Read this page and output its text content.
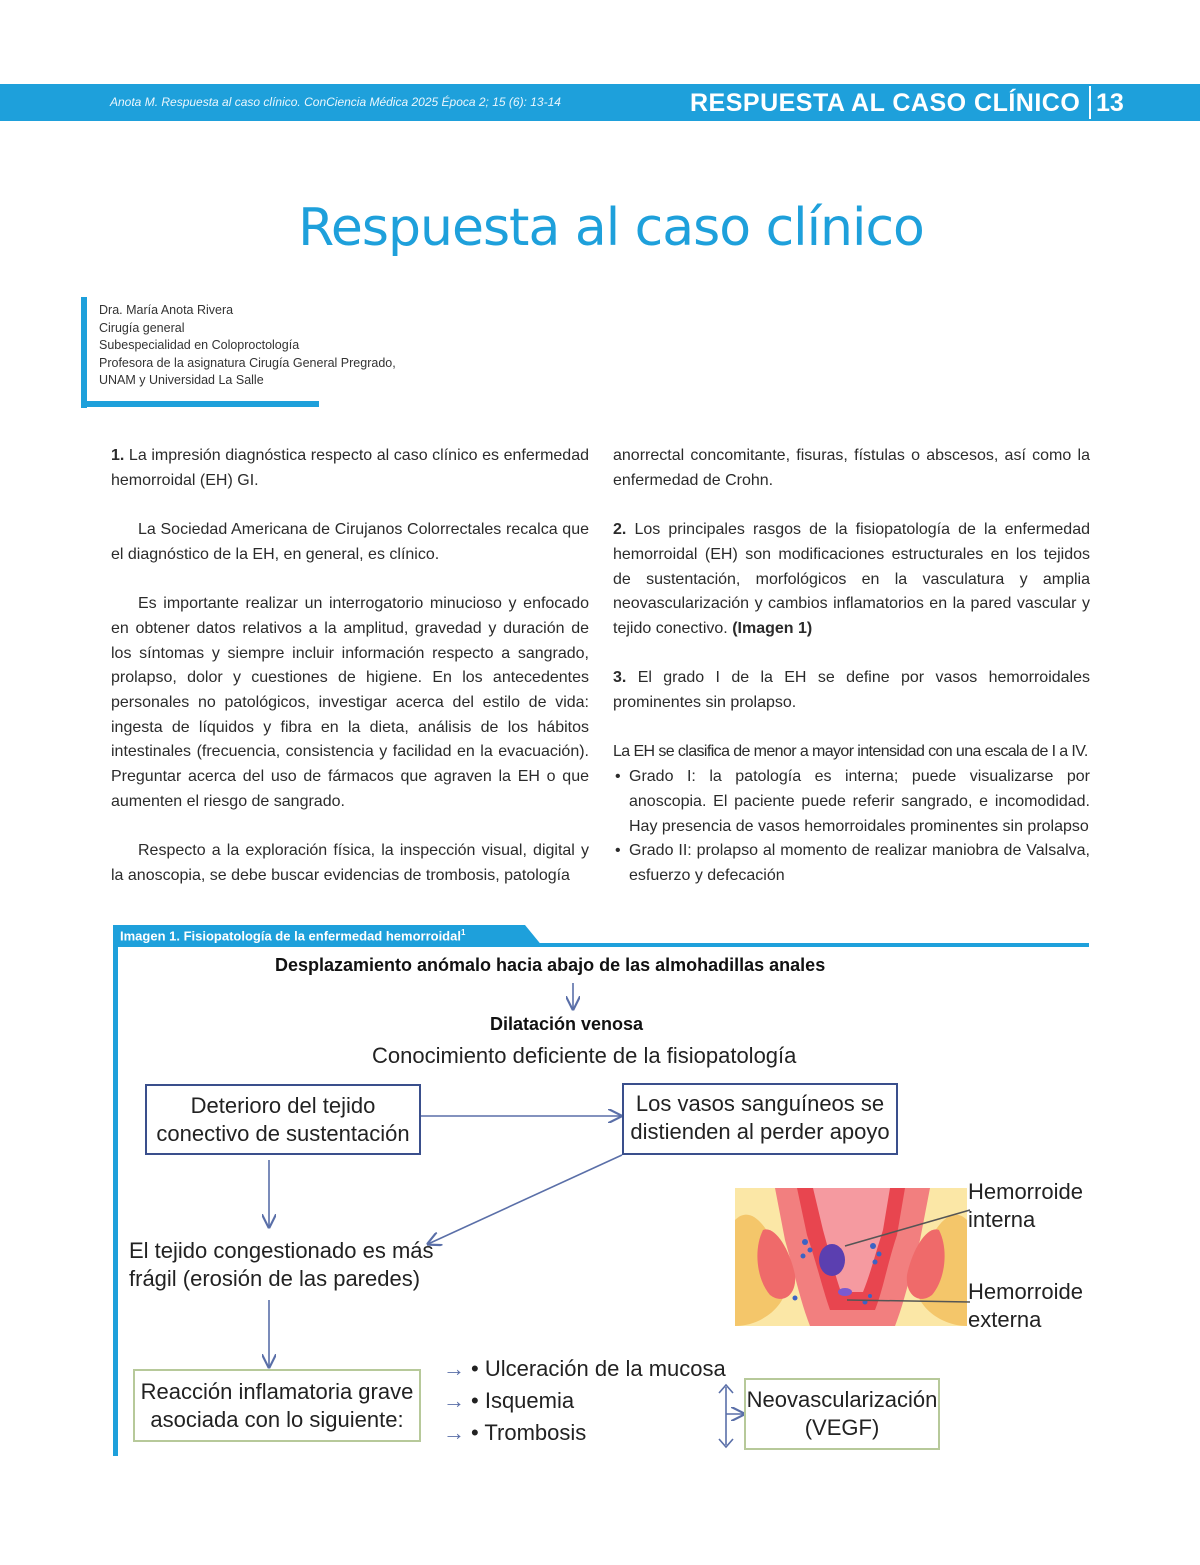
Anota M. Respuesta al caso clínico. ConCiencia Médica 2025 Época 2; 15 (6): 13-14	RESPUESTA AL CASO CLÍNICO 13
Respuesta al caso clínico
Dra. María Anota Rivera
Cirugía general
Subespecialidad en Coloproctología
Profesora de la asignatura Cirugía General Pregrado,
UNAM y Universidad La Salle

1. La impresión diagnóstica respecto al caso clínico es enfermedad hemorroidal (EH) GI.

La Sociedad Americana de Cirujanos Colorrectales recalca que el diagnóstico de la EH, en general, es clínico.

Es importante realizar un interrogatorio minucioso y enfocado en obtener datos relativos a la amplitud, gravedad y duración de los síntomas y siempre incluir información respecto a sangrado, prolapso, dolor y cuestiones de higiene. En los antecedentes personales no patológicos, investigar acerca del estilo de vida: ingesta de líquidos y fibra en la dieta, análisis de los hábitos intestinales (frecuencia, consistencia y facilidad en la evacuación). Preguntar acerca del uso de fármacos que agraven la EH o que aumenten el riesgo de sangrado.

Respecto a la exploración física, la inspección visual, digital y la anoscopia, se debe buscar evidencias de trombosis, patología

anorrectal concomitante, fisuras, fístulas o abscesos, así como la enfermedad de Crohn.

2. Los principales rasgos de la fisiopatología de la enfermedad hemorroidal (EH) son modificaciones estructurales en los tejidos de sustentación, morfológicos en la vasculatura y amplia neovascularización y cambios inflamatorios en la pared vascular y tejido conectivo. (Imagen 1)

3. El grado I de la EH se define por vasos hemorroidales prominentes sin prolapso.

La EH se clasifica de menor a mayor intensidad con una escala de I a IV.

• Grado I: la patología es interna; puede visualizarse por anoscopia. El paciente puede referir sangrado, e incomodidad. Hay presencia de vasos hemorroidales prominentes sin prolapso
• Grado II: prolapso al momento de realizar maniobra de Valsalva, esfuerzo y defecación
Imagen 1. Fisiopatología de la enfermedad hemorroidal$^1$
Desplazamiento anómalo hacia abajo de las almohadillas anales
Dilatación venosa
Conocimiento deficiente de la fisiopatología
Deterioro del tejido
conectivo de sustentación
Los vasos sanguíneos se
distienden al perder apoyo
El tejido congestionado es más
frágil (erosión de las paredes)
Reacción inflamatoria grave
asociada con lo siguiente:
→ • Ulceración de la mucosa
→ • Isquemia
→ • Trombosis
Neovascularización
(VEGF)
Hemorroide
interna
Hemorroide
externa
